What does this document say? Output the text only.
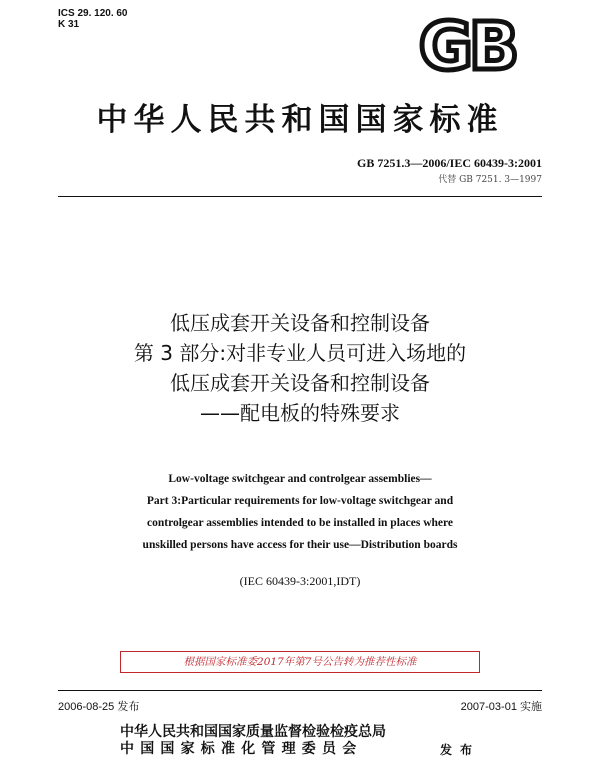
ICS 29. 120. 60
K 31	GB
中华人民共和国国家标准
GB 7251.3—2006/IEC 60439-3:2001
代替 GB 7251. 3—1997
低压成套开关设备和控制设备
第 3 部分:对非专业人员可进入场地的
低压成套开关设备和控制设备
——配电板的特殊要求
Low-voltage switchgear and controlgear assemblies—
Part 3:Particular requirements for low-voltage switchgear and
controlgear assemblies intended to be installed in places where
unskilled persons have access for their use—Distribution boards
(IEC 60439-3:2001,IDT)
根据国家标准委2017年第7号公告转为推荐性标准
2006-08-25 发布	2007-03-01 实施
中华人民共和国国家质量监督检验检疫总局
中国国家标准化管理委员会	发布
